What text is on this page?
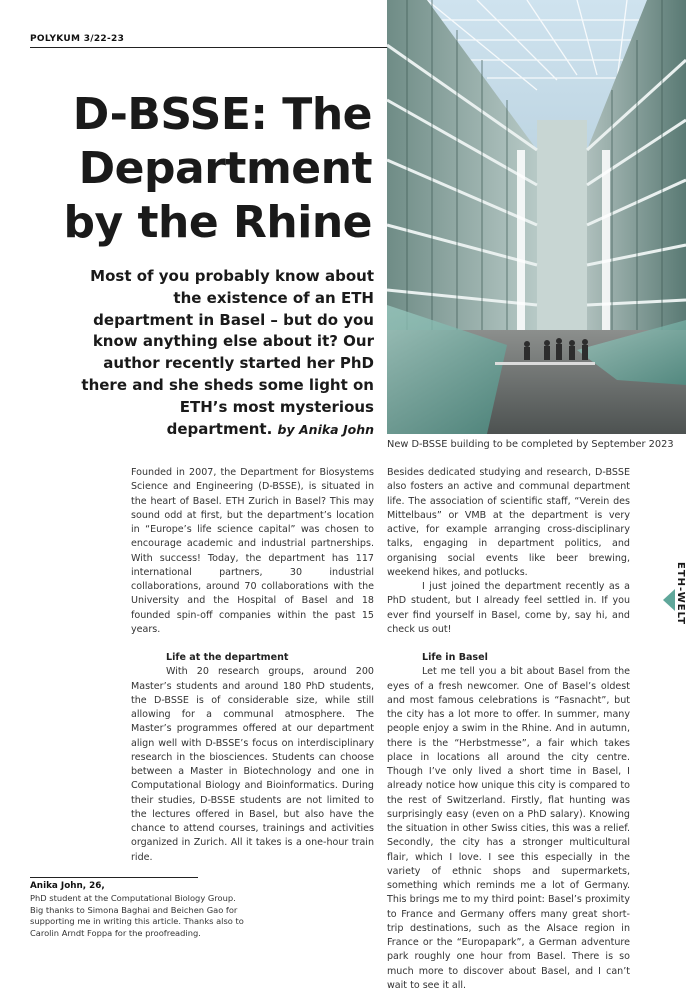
POLYKUM 3/22-23
D-BSSE: The
Department
by the Rhine
Most of you probably know about the existence of an ETH department in Basel – but do you know anything else about it? Our author recently started her PhD there and she sheds some light on ETH’s most mysterious department. by Anika John
New D-BSSE building to be completed by September 2023

Founded in 2007, the Department for Biosystems Science and Engineering (D-BSSE), is situated in the heart of Basel. ETH Zurich in Basel? This may sound odd at first, but the department’s location in “Europe’s life science capital” was chosen to encourage academic and industrial partnerships. With success! Today, the department has 117 international partners, 30 industrial collaborations, around 70 collaborations with the University and the Hospital of Basel and 18 founded spin-off companies within the past 15 years.

Life at the department

With 20 research groups, around 200 Master’s students and around 180 PhD students, the D-BSSE is of considerable size, while still allowing for a communal atmosphere. The Master’s programmes offered at our department align well with D-BSSE’s focus on interdisciplinary research in the biosciences. Students can choose between a Master in Biotechnology and one in Computational Biology and Bioinformatics. During their studies, D-BSSE students are not limited to the lectures offered in Basel, but also have the chance to attend courses, trainings and activities organized in Zurich. All it takes is a one-hour train ride.

Besides dedicated studying and research, D-BSSE also fosters an active and communal department life. The association of scientific staff, “Verein des Mittelbaus” or VMB at the department is very active, for example arranging cross-disciplinary talks, engaging in department politics, and organising social events like beer brewing, weekend hikes, and potlucks.

I just joined the department recently as a PhD student, but I already feel settled in. If you ever find yourself in Basel, come by, say hi, and check us out!

Life in Basel

Let me tell you a bit about Basel from the eyes of a fresh newcomer. One of Basel’s oldest and most famous celebrations is “Fasnacht”, but the city has a lot more to offer. In summer, many people enjoy a swim in the Rhine. And in autumn, there is the “Herbstmesse”, a fair which takes place in locations all around the city centre. Though I’ve only lived a short time in Basel, I already notice how unique this city is compared to the rest of Switzerland. Firstly, flat hunting was surprisingly easy (even on a PhD salary). Knowing the situation in other Swiss cities, this was a relief. Secondly, the city has a stronger multicultural flair, which I love. I see this especially in the variety of ethnic shops and supermarkets, something which reminds me a lot of Germany. This brings me to my third point: Basel’s proximity to France and Germany offers many great short-trip destinations, such as the Alsace region in France or the “Europapark”, a German adventure park roughly one hour from Basel. There is so much more to discover about Basel, and I can’t wait to see it all.

ETH-WELT
Anika John, 26,
PhD student at the Computational Biology Group.
Big thanks to Simona Baghai and Beichen Gao for supporting me in writing this article. Thanks also to Carolin Arndt Foppa for the proofreading.
